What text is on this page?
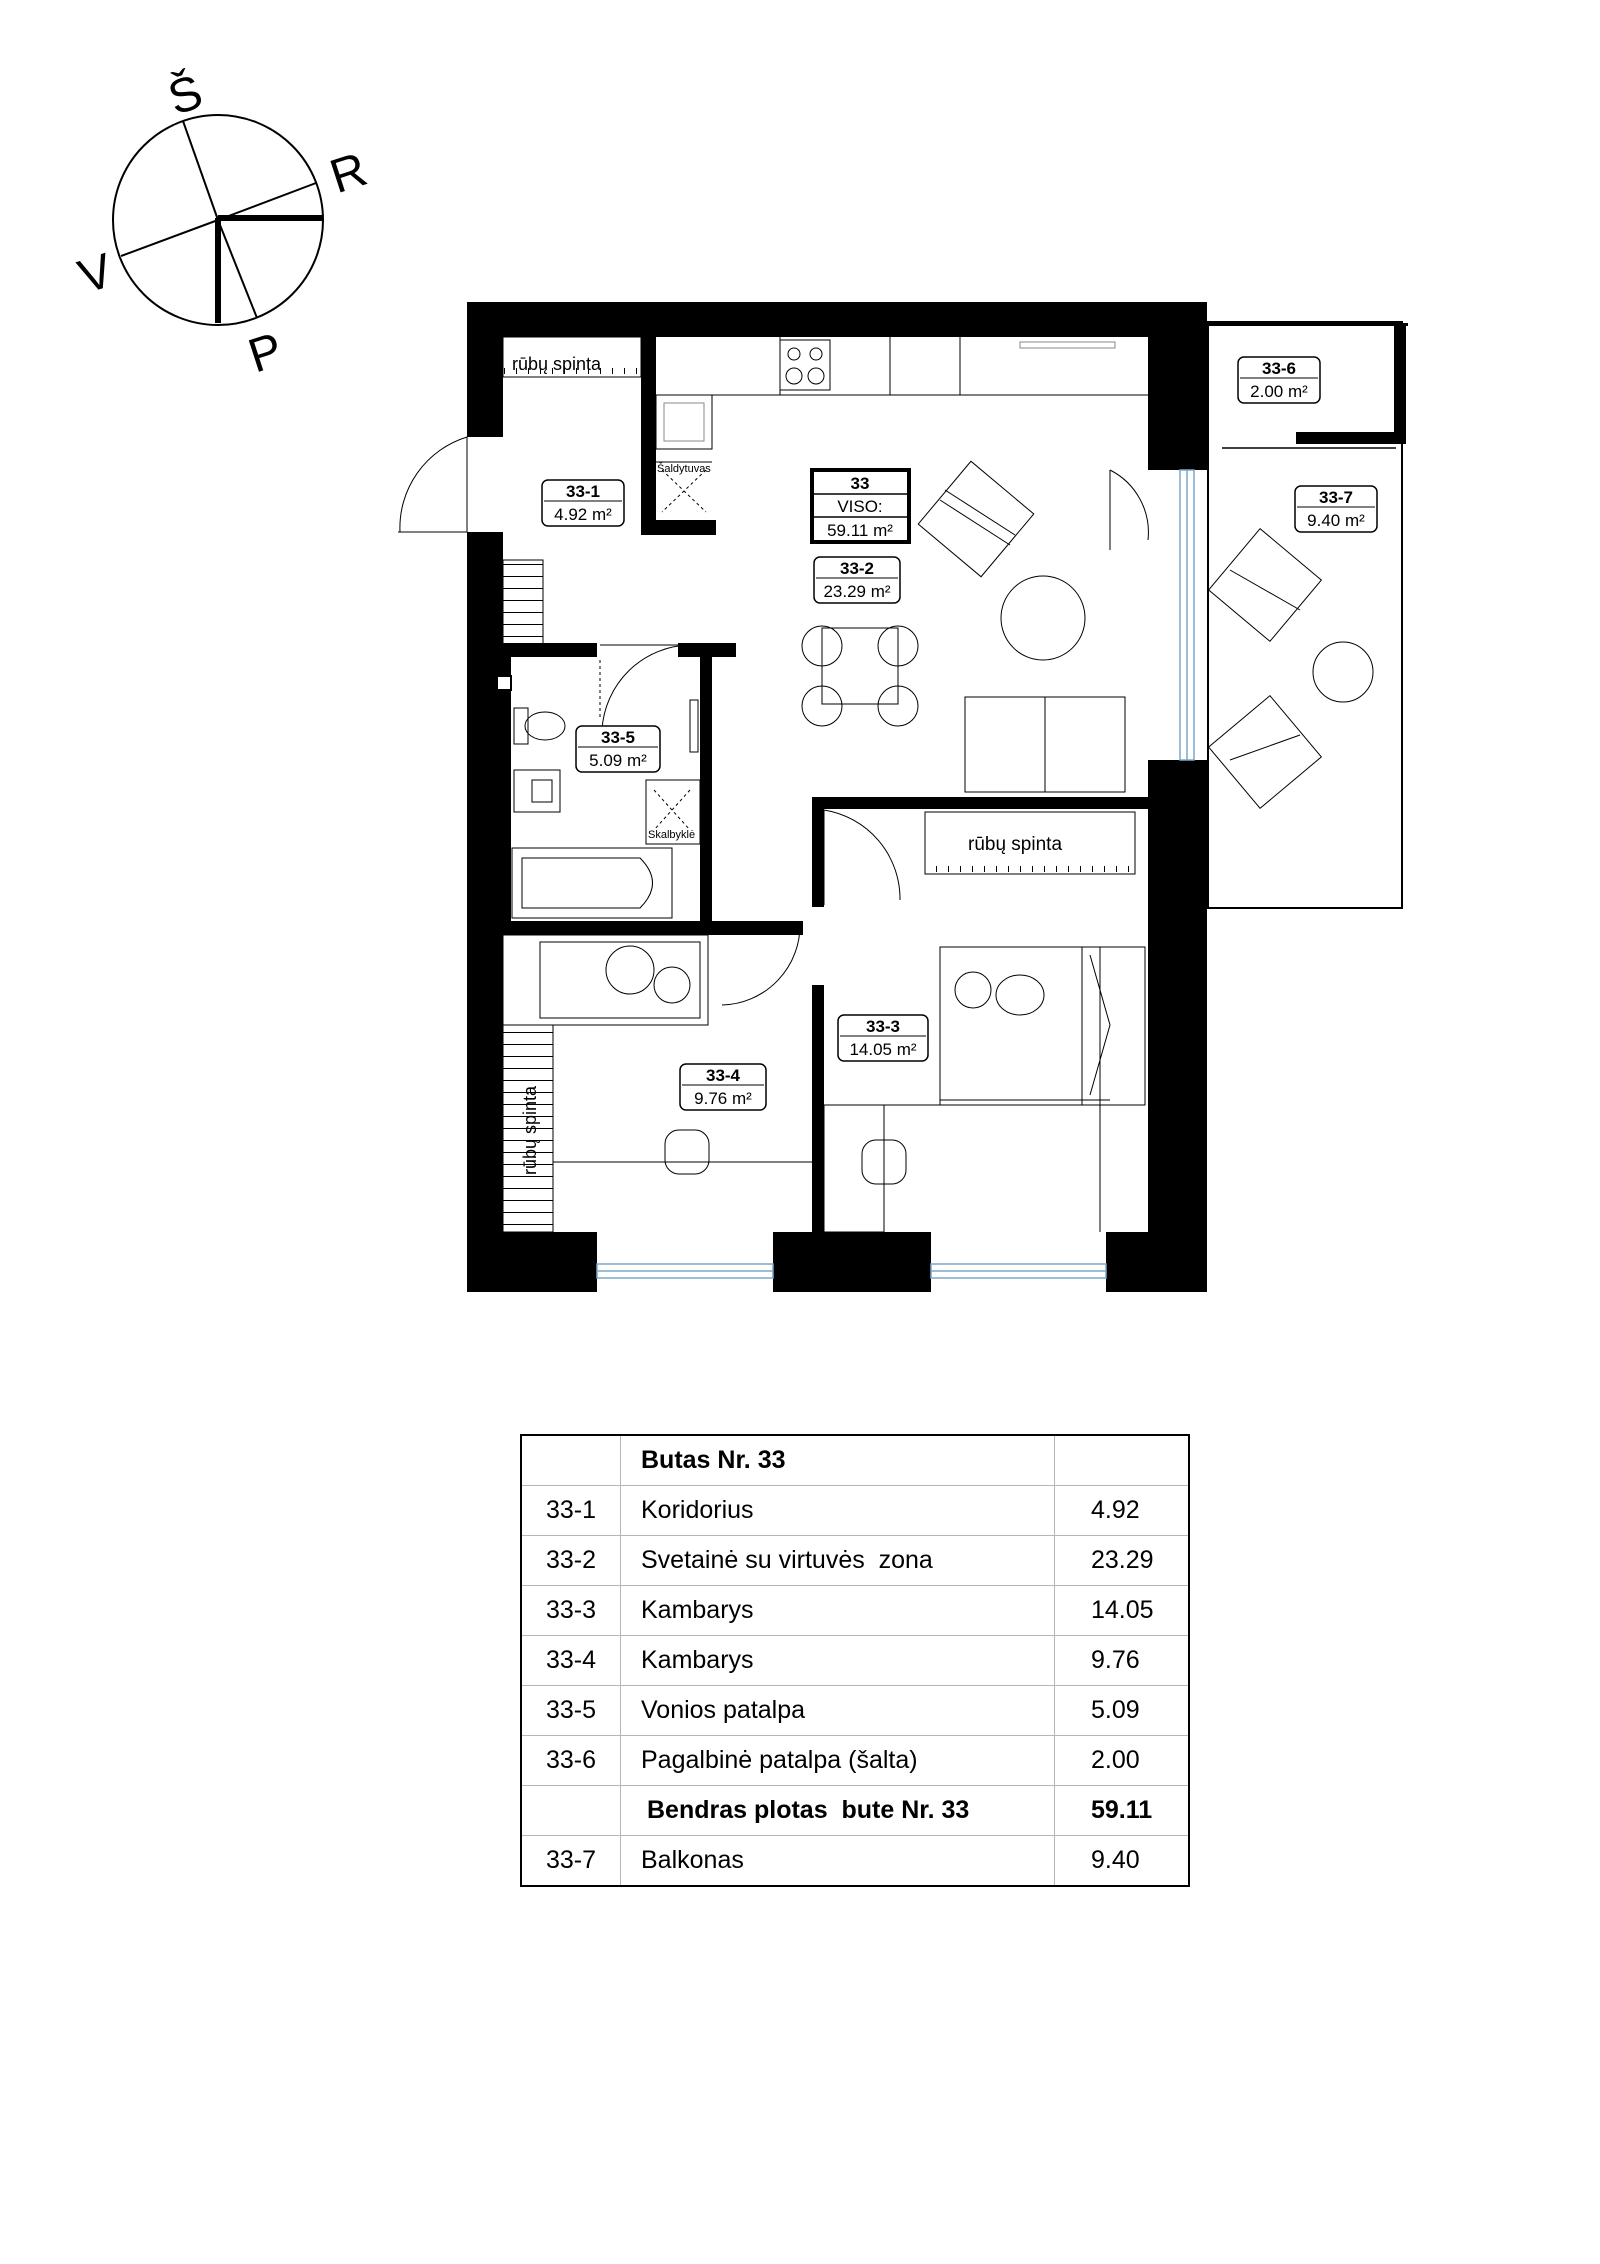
Š
R
P
V
rūbų spinta
Šaldytuvas
Skalbyklė	rūbų spinta
rūbų spinta
33
VISO:
59.11 m²
33-1
4.92 m²
33-2
23.29 m²
33-3
14.05 m²
33-4
9.76 m²
33-5
5.09 m²
33-6
2.00 m²
33-7
9.40 m²
	Butas Nr. 33	
33-1	Koridorius	4.92
33-2	Svetainė su virtuvės  zona	23.29
33-3	Kambarys	14.05
33-4	Kambarys	9.76
33-5	Vonios patalpa	5.09
33-6	Pagalbinė patalpa (šalta)	2.00
	Bendras plotas  bute Nr. 33	59.11
33-7	Balkonas	9.40
